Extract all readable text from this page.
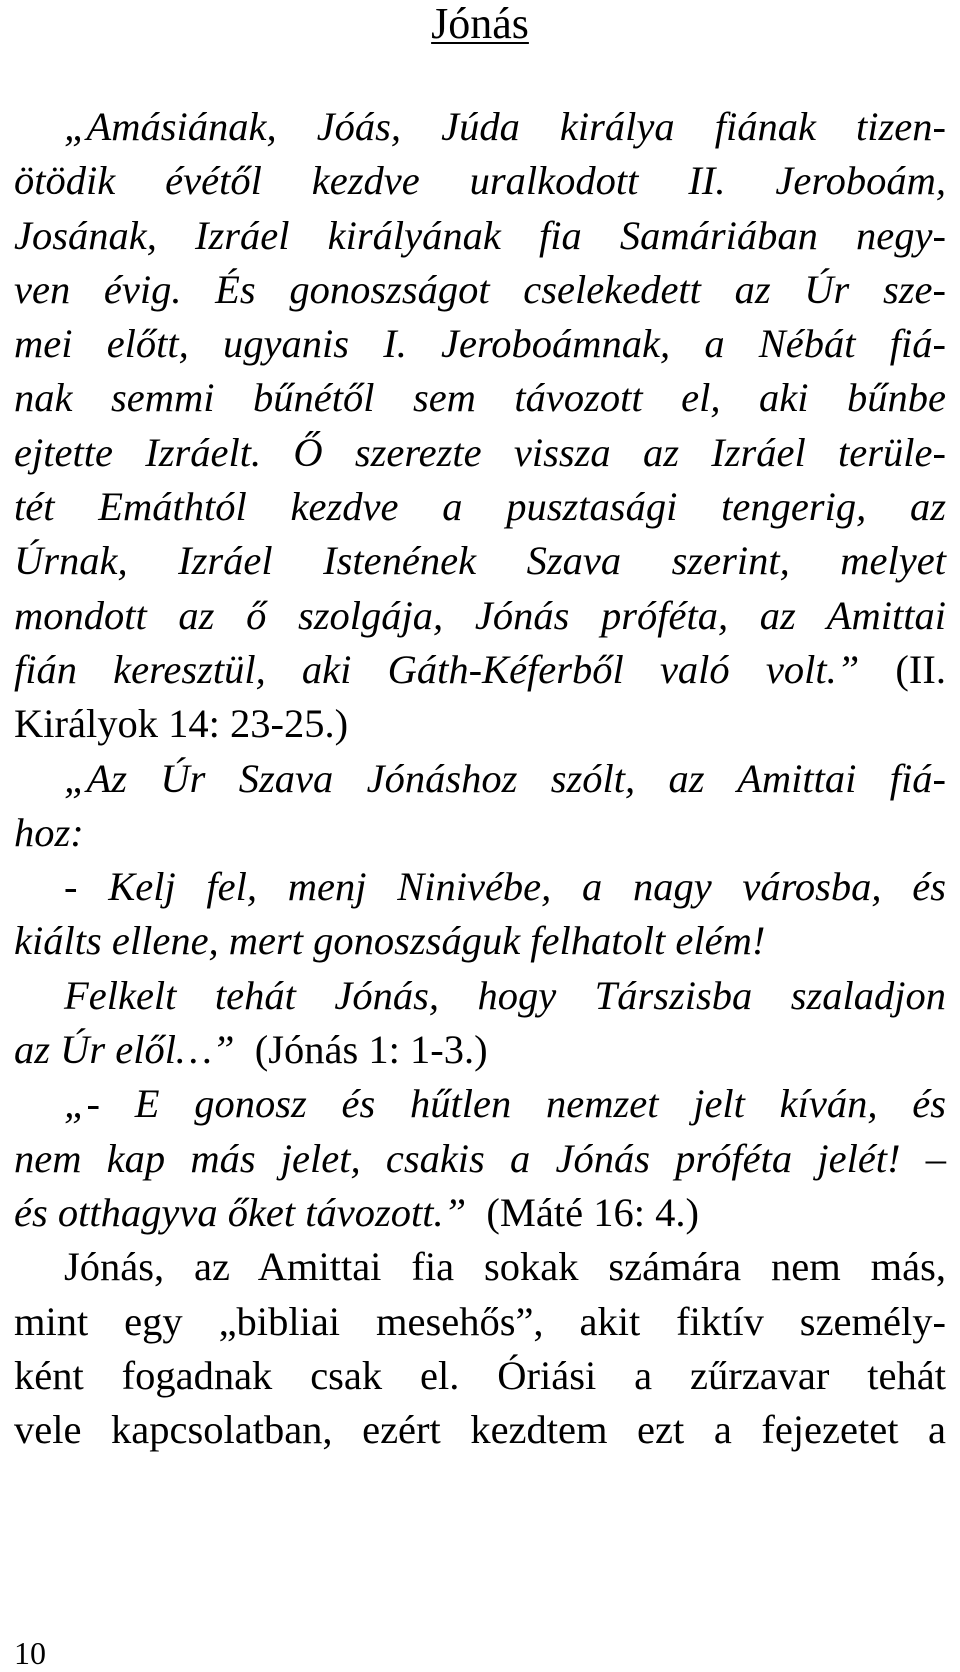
Jónás
„Amásiának, Jóás, Júda királya fiának tizen-
ötödik évétől kezdve uralkodott II. Jeroboám,
Josának, Izráel királyának fia Samáriában negy-
ven évig. És gonoszságot cselekedett az Úr sze-
mei előtt, ugyanis I. Jeroboámnak, a Nébát fiá-
nak semmi bűnétől sem távozott el, aki bűnbe
ejtette Izráelt. Ő szerezte vissza az Izráel terüle-
tét Emáthtól kezdve a pusztasági tengerig, az
Úrnak, Izráel Istenének Szava szerint, melyet
mondott az ő szolgája, Jónás próféta, az Amittai
fián keresztül, aki Gáth-Kéferből való volt.” (II.
Királyok 14: 23-25.)
„Az Úr Szava Jónáshoz szólt, az Amittai fiá-
hoz:
- Kelj fel, menj Ninivébe, a nagy városba, és
kiálts ellene, mert gonoszságuk felhatolt elém!
Felkelt tehát Jónás, hogy Társzisba szaladjon
az Úr elől…” (Jónás 1: 1-3.)
„- E gonosz és hűtlen nemzet jelt kíván, és
nem kap más jelet, csakis a Jónás próféta jelét! –
és otthagyva őket távozott.” (Máté 16: 4.)
Jónás, az Amittai fia sokak számára nem más,
mint egy „bibliai mesehős”, akit fiktív személy-
ként fogadnak csak el. Óriási a zűrzavar tehát
vele kapcsolatban, ezért kezdtem ezt a fejezetet a
10
